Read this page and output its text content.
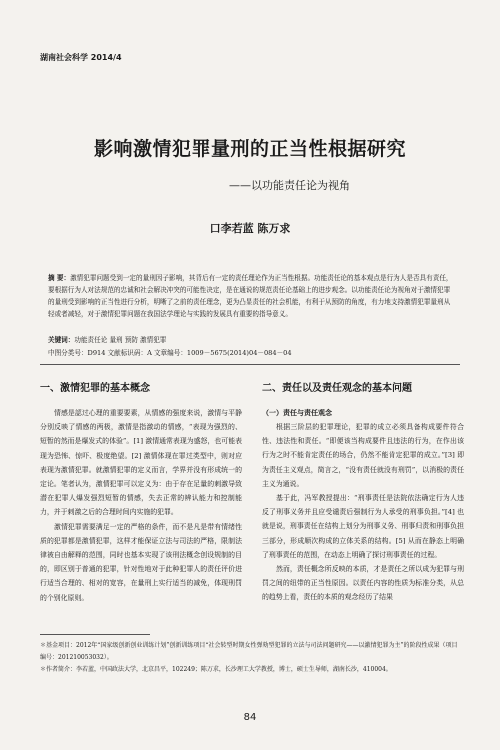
湖南社会科学 2014/4
影响激情犯罪量刑的正当性根据研究
——以功能责任论为视角
口李若蓝 陈万求
摘 要：激情犯罪问题受到一定的量刑因子影响，其背后有一定的责任理论作为正当性根据。功能责任论的基本观点是行为人是否具有责任，要根据行为人对法规范的忠诚和社会解决冲突的可能性决定，是在通说的规范责任论基础上的进步观念。以功能责任论为视角对于激情犯罪的量刑受到影响的正当性进行分析，明晰了之前的责任理念，更为凸显责任的社会机能，有利于从预防的角度，有力地支持激情犯罪量刑从轻或者减轻，对于激情犯罪问题在我国法学理论与实践的发展具有重要的指导意义。
关键词：功能责任论 量刑 预防 激情犯罪
中图分类号：D914 文献标识码：A 文章编号：1009－5675(2014)04－084－04
一、激情犯罪的基本概念

情感是認过心理的重要要素，从情感的强度来说，激情与平静分别反映了情感的两极，激情是指激动的情感，“表现为强烈的、短暂的然而是爆发式的体验”。[1] 激情通常表现为盛怒，也可能表现为恐怖、惊吓、极度绝望。[2] 激情体现在罪过类型中，则对应表现为激情犯罪。就激情犯罪的定义而言，学界并没有形成统一的定论。笔者认为，激情犯罪可以定义为：由于存在足量的刺激导致潜在犯罪人爆发强烈短暂的情感，失去正常的辨认能力和控制能力，并于刺激之后的合理时间内实施的犯罪。

激情犯罪需要满足一定的严格的条件，而不是凡是带有情绪性质的犯罪都是激情犯罪，这样才能保证立法与司法的严格，限制法律被自由解释的范围，同时也基本实现了该刑法概念创设规制的目的，即区别于普通的犯罪，针对性地对于此种犯罪人的责任评价进行适当合理的、相对的宽容，在量刑上实行适当的减免，体现刑罚的个别化原则。

二、责任以及责任观念的基本问题
（一）责任与责任观念

根据三阶层的犯罪理论，犯罪的成立必须具备构成要件符合性、违法性和责任。“即便该当构成要件且违法的行为，在作出该行为之时不能肯定责任的场合，仍然不能肯定犯罪的成立。”[3] 即为责任主义观点，简言之，“没有责任就没有刑罚”，以消极的责任主义为通说。

基于此，冯军教授提出：“刑事责任是法院依法确定行为人违反了刑事义务并且应受谴责后强制行为人承受的刑事负担。”[4] 也就是说，刑事责任在结构上划分为刑事义务、刑事归责和刑事负担三部分，形成顺次构成的立体关系的结构。[5] 从而在静态上明确了刑事责任的范围，在动态上明确了探讨刑事责任的过程。

然而，责任概念所反映的本质，才是责任之所以成为犯罪与刑罚之间的纽带的正当性原因。以责任内容的性质为标准分类，从总的趋势上看，责任的本质的观念经历了结果

＊基金项目：2012年“国家级创新创业训练计划”创新训练项目“社会转型时期女性弹劾型犯罪的立法与司法问题研究——以激情犯罪为主”的阶段性成果（项目编号：201210053032）。
＊作者简介：李若蓝，中国政法大学，北京昌平，102249；陈万求，长沙理工大学教授，博士，硕士生导师，湖南长沙，410004。
84
